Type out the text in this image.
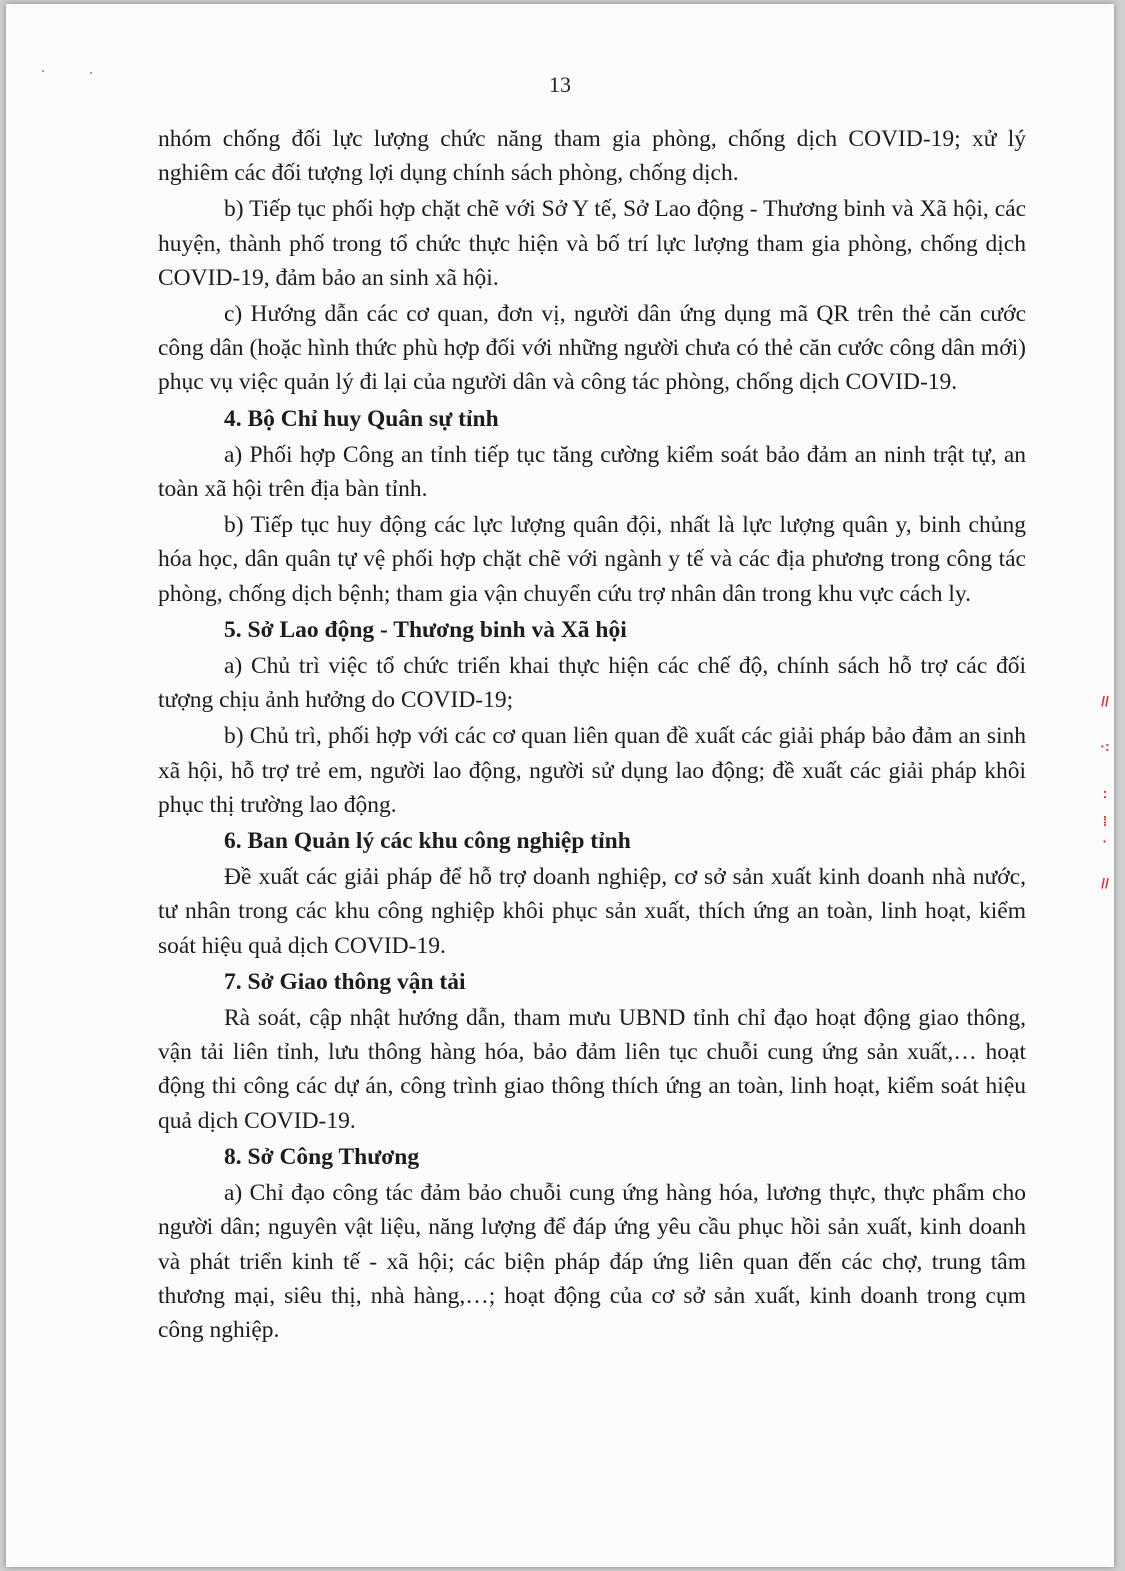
13

nhóm chống đối lực lượng chức năng tham gia phòng, chống dịch COVID-19; xử lý nghiêm các đối tượng lợi dụng chính sách phòng, chống dịch.

b) Tiếp tục phối hợp chặt chẽ với Sở Y tế, Sở Lao động - Thương binh và Xã hội, các huyện, thành phố trong tổ chức thực hiện và bố trí lực lượng tham gia phòng, chống dịch COVID-19, đảm bảo an sinh xã hội.

c) Hướng dẫn các cơ quan, đơn vị, người dân ứng dụng mã QR trên thẻ căn cước công dân (hoặc hình thức phù hợp đối với những người chưa có thẻ căn cước công dân mới) phục vụ việc quản lý đi lại của người dân và công tác phòng, chống dịch COVID-19.

4. Bộ Chỉ huy Quân sự tỉnh

a) Phối hợp Công an tỉnh tiếp tục tăng cường kiểm soát bảo đảm an ninh trật tự, an toàn xã hội trên địa bàn tỉnh.

b) Tiếp tục huy động các lực lượng quân đội, nhất là lực lượng quân y, binh chủng hóa học, dân quân tự vệ phối hợp chặt chẽ với ngành y tế và các địa phương trong công tác phòng, chống dịch bệnh; tham gia vận chuyển cứu trợ nhân dân trong khu vực cách ly.

5. Sở Lao động - Thương binh và Xã hội

a) Chủ trì việc tổ chức triển khai thực hiện các chế độ, chính sách hỗ trợ các đối tượng chịu ảnh hưởng do COVID-19;

b) Chủ trì, phối hợp với các cơ quan liên quan đề xuất các giải pháp bảo đảm an sinh xã hội, hỗ trợ trẻ em, người lao động, người sử dụng lao động; đề xuất các giải pháp khôi phục thị trường lao động.

6. Ban Quản lý các khu công nghiệp tỉnh

Đề xuất các giải pháp để hỗ trợ doanh nghiệp, cơ sở sản xuất kinh doanh nhà nước, tư nhân trong các khu công nghiệp khôi phục sản xuất, thích ứng an toàn, linh hoạt, kiểm soát hiệu quả dịch COVID-19.

7. Sở Giao thông vận tải

Rà soát, cập nhật hướng dẫn, tham mưu UBND tỉnh chỉ đạo hoạt động giao thông, vận tải liên tỉnh, lưu thông hàng hóa, bảo đảm liên tục chuỗi cung ứng sản xuất,… hoạt động thi công các dự án, công trình giao thông thích ứng an toàn, linh hoạt, kiểm soát hiệu quả dịch COVID-19.

8. Sở Công Thương

a) Chỉ đạo công tác đảm bảo chuỗi cung ứng hàng hóa, lương thực, thực phẩm cho người dân; nguyên vật liệu, năng lượng để đáp ứng yêu cầu phục hồi sản xuất, kinh doanh và phát triển kinh tế - xã hội; các biện pháp đáp ứng liên quan đến các chợ, trung tâm thương mại, siêu thị, nhà hàng,…; hoạt động của cơ sở sản xuất, kinh doanh trong cụm công nghiệp.

//
·:
:
⁞
·
//
